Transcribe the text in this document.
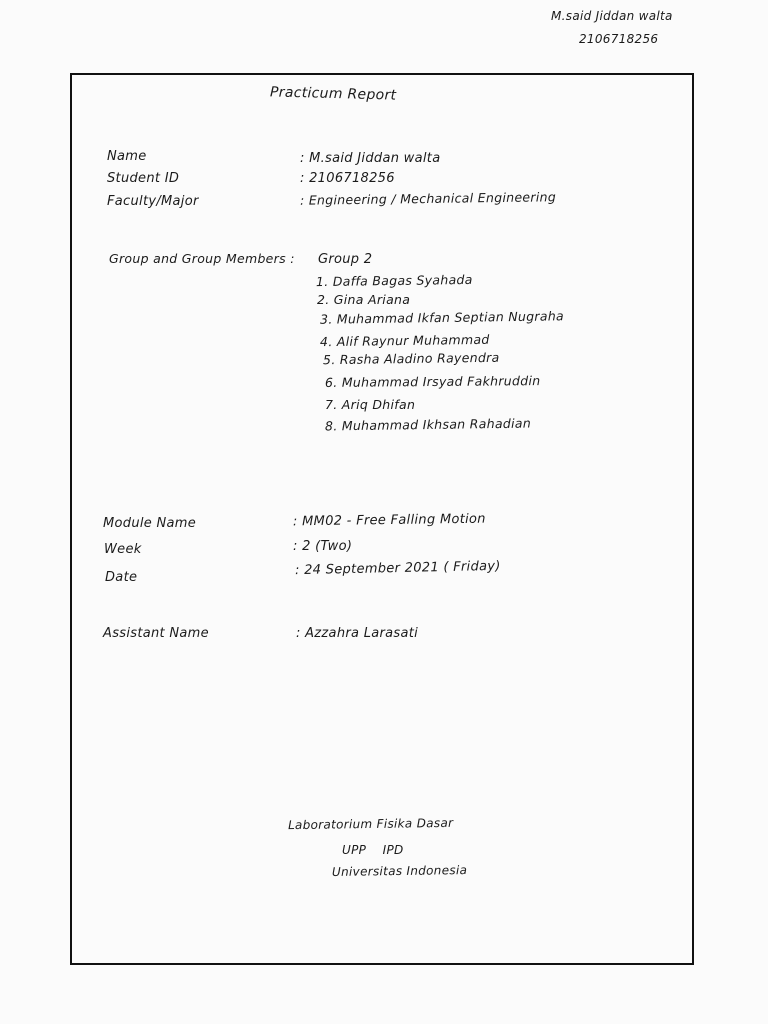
M.said Jiddan walta
2106718256
Practicum Report
Name	: M.said Jiddan walta
Student ID	: 2106718256
Faculty/Major	: Engineering / Mechanical Engineering
Group and Group Members : Group 2
1. Daffa Bagas Syahada
2. Gina Ariana
3. Muhammad Ikfan Septian Nugraha
4. Alif Raynur Muhammad
5. Rasha Aladino Rayendra
6. Muhammad Irsyad Fakhruddin
7. Ariq Dhifan
8. Muhammad Ikhsan Rahadian
Module Name	: MM02 - Free Falling Motion
Week	: 2 (Two)
Date	: 24 September 2021 ( Friday)
Assistant Name	: Azzahra Larasati
Laboratorium Fisika Dasar
UPP    IPD
Universitas Indonesia
